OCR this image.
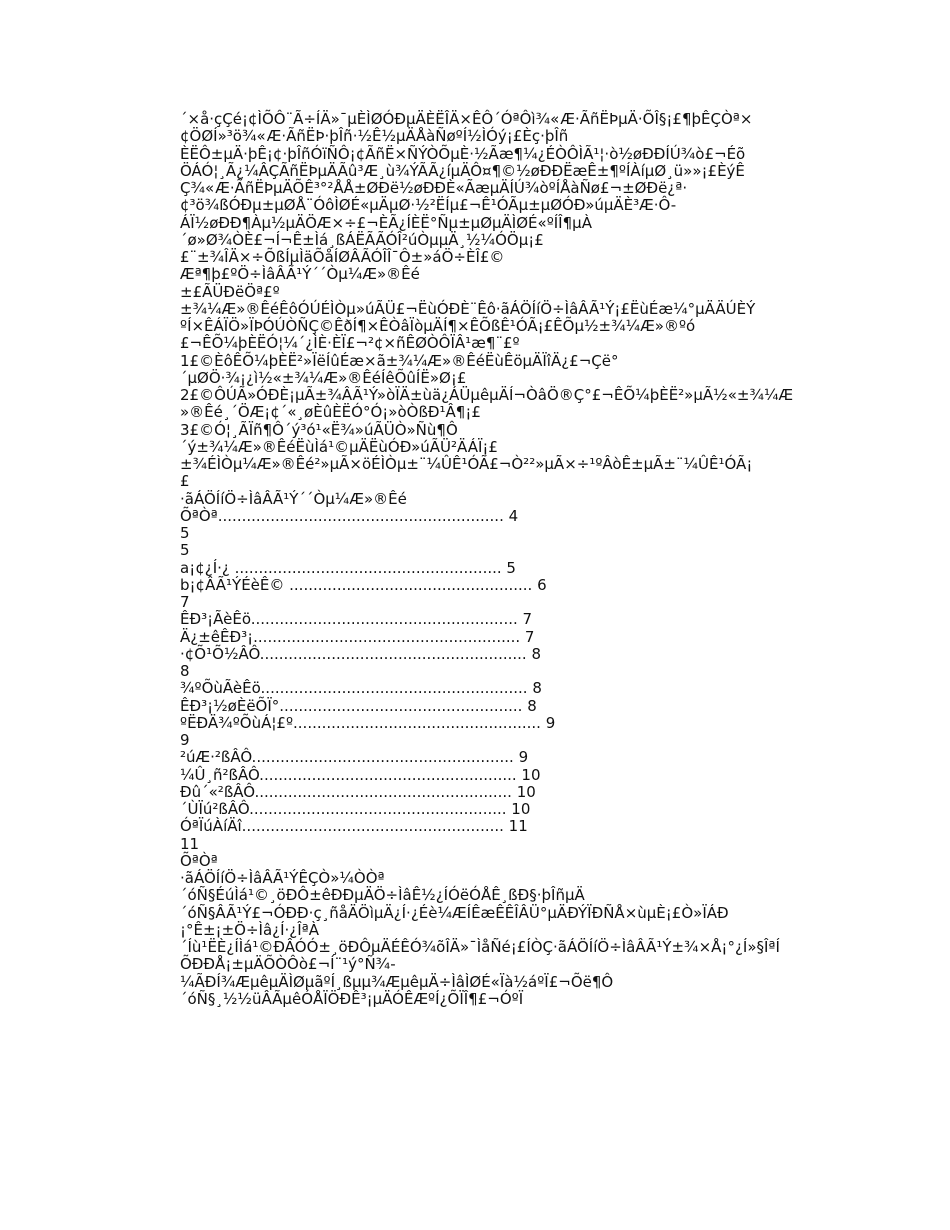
´×å·çÇé¡¢ÌÕÔ¨Ã÷ÍÄ»¯µÈÌØÓÐµÄÈËÎÄ×ÊÔ´ÓªÔì¾«Æ·ÃñËÞµÄ·ÕÎ§¡£¶þÊÇÒª×
¢ÖØÍ»³ö¾«Æ·ÃñËÞ·þÎñ·½Ê½µÄÅàÑøºÍ½ÌÓý¡£Èç·þÎñ
ÈËÔ±µÄ·þÊ¡¢·þÎñÓïÑÔ¡¢ÃñË×ÑÝÒÕµÈ·½Ãæ¶¼¿ÉÒÔÌÃ¹¦·ò½øÐÐÍÚ¾ò£¬Éõ
ÖÁÓ¦¸Ã¿¼ÂÇÃñËÞµÄÃû³Æ¸ù¾ÝÃÃ¿íµÄÔ¤¶©½øÐÐËæÊ±¶ºÍÀíµØ¸ü»»¡£ÈýÊ
Ç¾«Æ·ÃñËÞµÄÕÊ³°²ÅÅ±ØÐë½øÐÐÈ«ÃæµÄÍÚ¾òºÍÅàÑø£¬±ØÐë¿ª·
¢³ö¾ßÓÐµ±µØÅ¨ÓôÌØÉ«µÄµØ·½²ËÍµ£¬Ê¹ÓÃµ±µØÓÐ»úµÄÈ³Æ·Ô-
ÁÏ½øÐÐ¶Àµ½µÄÖÆ×÷£¬ÈÃ¿ÍÈË°Ñµ±µØµÄÌØÉ«ºÍÎ¶µÀ
´ø»Ø¾ÒÈ£¬Í¬Ê±Ìá¸ßÁËÃÃÓÎ²úÒµµÄ¸½¼ÓÖµ¡£
£¨±¾ÎÄ×÷ÕßÍµÌäÕåÍØÂÃÓÎÎ¯Ô±»áÖ÷ÈÎ£©
Æª¶þ£ºÖ÷ÌâÂÃ¹Ý´´Òµ¼Æ»®Êé
±£ÃÜÐëÖª£º
±¾¼Æ»®ÊéÊôÓÚÉÌÒµ»úÃÜ£¬ËùÓÐÈ¨Êô·ãÁÖÍíÖ÷ÌâÂÃ¹Ý¡£ËùÉæ¼°µÄÄÚÈÝ
ºÍ×ÊÁÏÖ»ÏÞÓÚÒÑÇ©ÊðÍ¶×ÊÒâÏòµÄÍ¶×ÊÕßÊ¹ÓÃ¡£ÊÕµ½±¾¼Æ»®ºó
£¬ÊÕ¼þÈËÓ¦¼´¿ÌÈ·ÈÏ£¬²¢×ñÊØÒÔÏÂ¹æ¶¨£º
1£©ÈôÊÕ¼þÈË²»ÏëÍûÉæ×ã±¾¼Æ»®ÊéËùÊöµÄÏîÄ¿£¬Çë°
´µØÖ·¾¡¿ì½«±¾¼Æ»®ÊéÍêÕûÍË»Ø¡£
2£©ÔÚÃ»ÓÐÈ¡µÃ±¾ÂÃ¹Ý»òÏÄ±ùä¿ÁÜµêµÄÍ¬ÒâÖ®Ç°£¬ÊÕ¼þÈË²»µÃ½«±¾¼Æ
»®Êé¸´ÖÆ¡¢´«¸øÈûÈËÓ°Ó¡»òÒßÐ¹Â¶¡£
3£©Ó¦¸ÃÏñ¶Ô´ý³ó¹«Ë¾»úÃÜÒ»Ñù¶Ô
´ý±¾¼Æ»®ÊéËùÌá¹©µÄËùÓÐ»úÃÜ²ÄÁÏ¡£
±¾ÉÌÒµ¼Æ»®Êé²»µÃ×öÉÌÒµ±¨¼ÛÊ¹ÓÃ£¬Ò²²»µÃ×÷¹ºÂòÊ±µÃ±¨¼ÛÊ¹ÓÃ¡
£
·ãÁÖÍíÖ÷ÌâÂÃ¹Ý´´Òµ¼Æ»®Êé
ÕªÒª............................................................ 4
5
5
a¡¢¿Í·¿ ........................................................ 5
b¡¢ÂÃ¹ÝÉèÊ© ................................................... 6
7
ÊÐ³¡ÃèÊö........................................................ 7
Ä¿±êÊÐ³¡........................................................ 7
·¢Õ¹Õ½ÂÔ........................................................ 8
8
¾ºÕùÃèÊö........................................................ 8
ÊÐ³¡½øÈëÕÏ°................................................... 8
ºËÐÄ¾ºÕùÁ¦£º.................................................... 9
9
²úÆ·²ßÂÔ....................................................... 9
¼Û¸ñ²ßÂÔ...................................................... 10
Ðû´«²ßÂÔ...................................................... 10
´ÙÏú²ßÂÔ...................................................... 10
ÓªÏúÀíÄî....................................................... 11
11
ÕªÒª
·ãÁÖÍíÖ÷ÌâÂÃ¹ÝÊÇÒ»¼ÒÒª
´óÑ§ÉúÌá¹©¸öÐÔ±êÐÐµÄÖ÷ÌâÊ½¿ÍÓëÓÅÊ¸ßÐ§·þÎñµÄ
´óÑ§ÂÃ¹Ý£¬ÓÐÐ·ç¸ñåÄÖìµÄ¿Í·¿Éè¼ÆÍÊæÊÊÎÂÜ°µÄÐÝÏÐÑÅ×ùµÈ¡£Ò»ÏÁÐ
¡°Ê±¡±Ö÷Ìâ¿Í·¿ÎªÀ
´Íù¹ËÈ¿ÍÌá¹©ÐÂÓÓ±¸öÐÔµÄÉÊÓ¾õÎÄ»¯ÌåÑé¡£ÍÒÇ·ãÁÖÍíÖ÷ÌâÂÃ¹Ý±¾×Å¡°¿Í»§ÎªÍ
ÕÐÐÅ¡±µÄÕÒÔò£¬Í¨¹ý°Ñ¾-
¼ÃÐÍ¾ÆµêµÄÌØµãºÍ¸ßµµ¾ÆµêµÄ÷ÌâÌØÉ«Ïà½áºÏ£¬Õë¶Ô
´óÑ§¸½½üÂÃµêÓÅÏÖÐÊ³¡µÄÓÊÆºÍ¿ÕÏÎ¶£¬ÓºÏ
